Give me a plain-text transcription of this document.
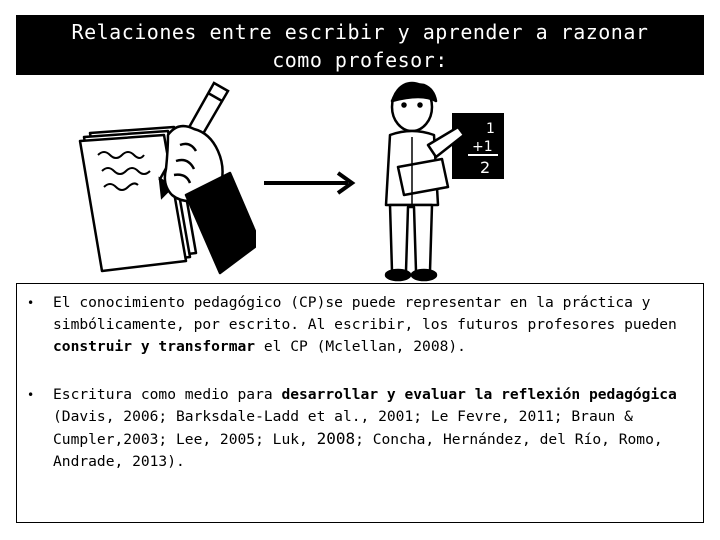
Relaciones entre escribir y aprender a razonar
como profesor:
1
+1
2
•	El conocimiento pedagógico (CP)se puede representar en la práctica y simbólicamente, por escrito. Al escribir, los futuros profesores pueden construir y transformar el CP (Mclellan, 2008).
•	Escritura como medio para desarrollar y evaluar la reflexión pedagógica (Davis, 2006; Barksdale-Ladd et al., 2001; Le Fevre, 2011; Braun & Cumpler,2003; Lee, 2005; Luk, 2008; Concha, Hernández, del Río, Romo, Andrade, 2013).
